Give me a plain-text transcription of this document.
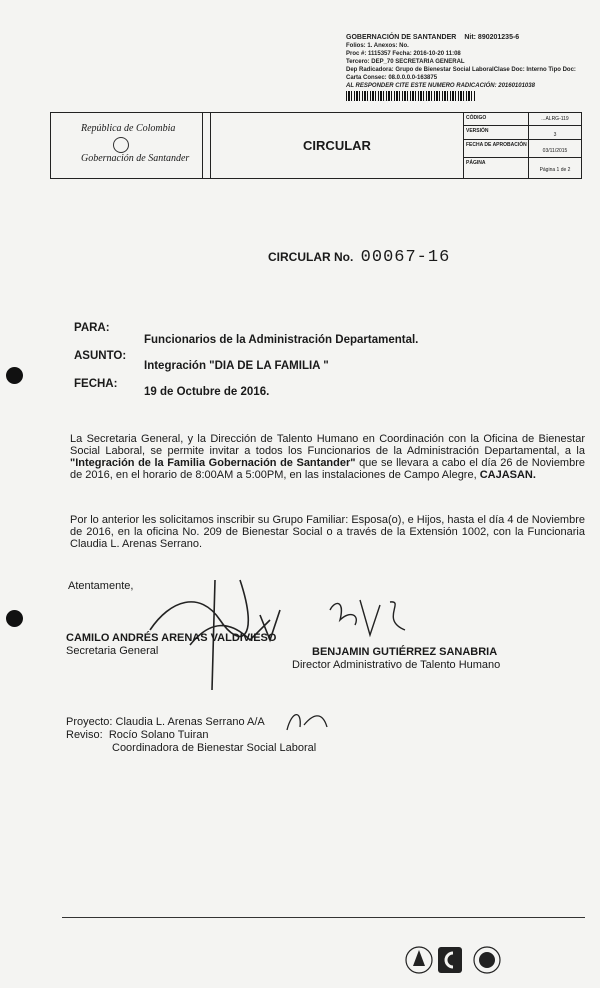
GOBERNACIÓN DE SANTANDER Nit: 890201235-6
Folios: 1. Anexos: No.
Proc #: 1115357 Fecha: 2016-10-20 11:08
Tercero: DEP_70 SECRETARIA GENERAL
Dep Radicadora: Grupo de Bienestar Social LaboralClase Doc: Interno Tipo Doc:
Carta Consec: 08.0.0.0.0-163875
AL RESPONDER CITE ESTE NUMERO RADICACIÓN: 20160101038
República de Colombia
Gobernación de Santander
CIRCULAR
CÓDIGO	...ALRG-119
VERSIÓN
3
FECHA DE APROBACIÓN
03/11/2015
PÁGINA
Página 1 de 2
CIRCULAR No. 00067-16
PARA:
Funcionarios de la Administración Departamental.
ASUNTO:
Integración "DIA DE LA FAMILIA "
FECHA:
19 de Octubre de 2016.
La Secretaria General, y la Dirección de Talento Humano en Coordinación con la Oficina de Bienestar Social Laboral, se permite invitar a todos los Funcionarios de la Administración Departamental, a la "Integración de la Familia Gobernación de Santander" que se llevara a cabo el día 26 de Noviembre de 2016, en el horario de 8:00AM a 5:00PM, en las instalaciones de Campo Alegre, CAJASAN.
Por lo anterior les solicitamos inscribir su Grupo Familiar: Esposa(o), e Hijos, hasta el día 4 de Noviembre de 2016, en la oficina No. 209 de Bienestar Social o a través de la Extensión 1002, con la Funcionaria Claudia L. Arenas Serrano.
Atentamente,
CAMILO ANDRÉS ARENAS VALDIVIESO
Secretaria General	BENJAMIN GUTIÉRREZ SANABRIA
Director Administrativo de Talento Humano
Proyecto: Claudia L. Arenas Serrano A/A
Reviso: Rocío Solano Tuiran
Coordinadora de Bienestar Social Laboral
